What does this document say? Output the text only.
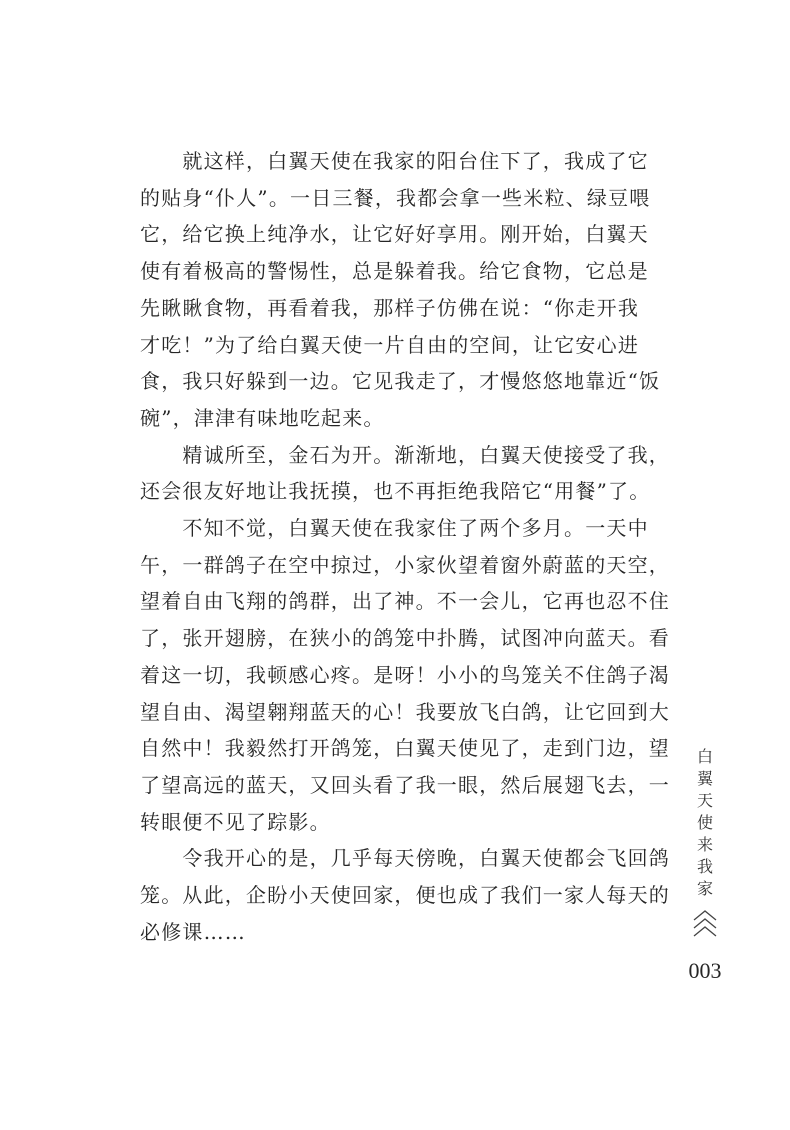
　　就这样，白翼天使在我家的阳台住下了，我成了它
的贴身“仆人”。一日三餐，我都会拿一些米粒、绿豆喂
它，给它换上纯净水，让它好好享用。刚开始，白翼天
使有着极高的警惕性，总是躲着我。给它食物，它总是
先瞅瞅食物，再看着我，那样子仿佛在说：“你走开我
才吃！”为了给白翼天使一片自由的空间，让它安心进
食，我只好躲到一边。它见我走了，才慢悠悠地靠近“饭
碗”，津津有味地吃起来。
　　精诚所至，金石为开。渐渐地，白翼天使接受了我，
还会很友好地让我抚摸，也不再拒绝我陪它“用餐”了。
　　不知不觉，白翼天使在我家住了两个多月。一天中
午，一群鸽子在空中掠过，小家伙望着窗外蔚蓝的天空，
望着自由飞翔的鸽群，出了神。不一会儿，它再也忍不住
了，张开翅膀，在狭小的鸽笼中扑腾，试图冲向蓝天。看
着这一切，我顿感心疼。是呀！小小的鸟笼关不住鸽子渴
望自由、渴望翱翔蓝天的心！我要放飞白鸽，让它回到大
自然中！我毅然打开鸽笼，白翼天使见了，走到门边，望
了望高远的蓝天，又回头看了我一眼，然后展翅飞去，一
转眼便不见了踪影。
　　令我开心的是，几乎每天傍晚，白翼天使都会飞回鸽
笼。从此，企盼小天使回家，便也成了我们一家人每天的
必修课……
白翼天使来我家
003
